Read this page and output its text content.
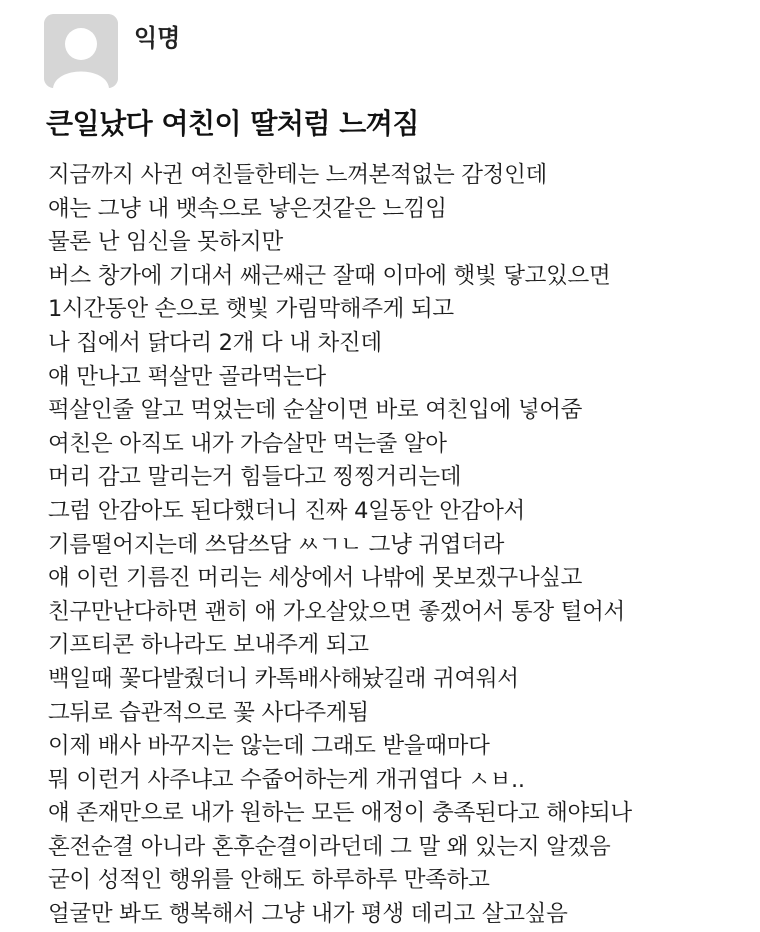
익명
큰일났다 여친이 딸처럼 느껴짐
지금까지 사귄 여친들한테는 느껴본적없는 감정인데
얘는 그냥 내 뱃속으로 낳은것같은 느낌임
물론 난 임신을 못하지만
버스 창가에 기대서 쌔근쌔근 잘때 이마에 햇빛 닿고있으면
1시간동안 손으로 햇빛 가림막해주게 되고
나 집에서 닭다리 2개 다 내 차진데
얘 만나고 퍽살만 골라먹는다
퍽살인줄 알고 먹었는데 순살이면 바로 여친입에 넣어줌
여친은 아직도 내가 가슴살만 먹는줄 알아
머리 감고 말리는거 힘들다고 찡찡거리는데
그럼 안감아도 된다했더니 진짜 4일동안 안감아서
기름떨어지는데 쓰담쓰담 ㅆㄱㄴ 그냥 귀엽더라
얘 이런 기름진 머리는 세상에서 나밖에 못보겠구나싶고
친구만난다하면 괜히 애 가오살았으면 좋겠어서 통장 털어서
기프티콘 하나라도 보내주게 되고
백일때 꽃다발줬더니 카톡배사해놨길래 귀여워서
그뒤로 습관적으로 꽃 사다주게됨
이제 배사 바꾸지는 않는데 그래도 받을때마다
뭐 이런거 사주냐고 수줍어하는게 개귀엽다 ㅅㅂ..
얘 존재만으로 내가 원하는 모든 애정이 충족된다고 해야되나
혼전순결 아니라 혼후순결이라던데 그 말 왜 있는지 알겠음
굳이 성적인 행위를 안해도 하루하루 만족하고
얼굴만 봐도 행복해서 그냥 내가 평생 데리고 살고싶음
